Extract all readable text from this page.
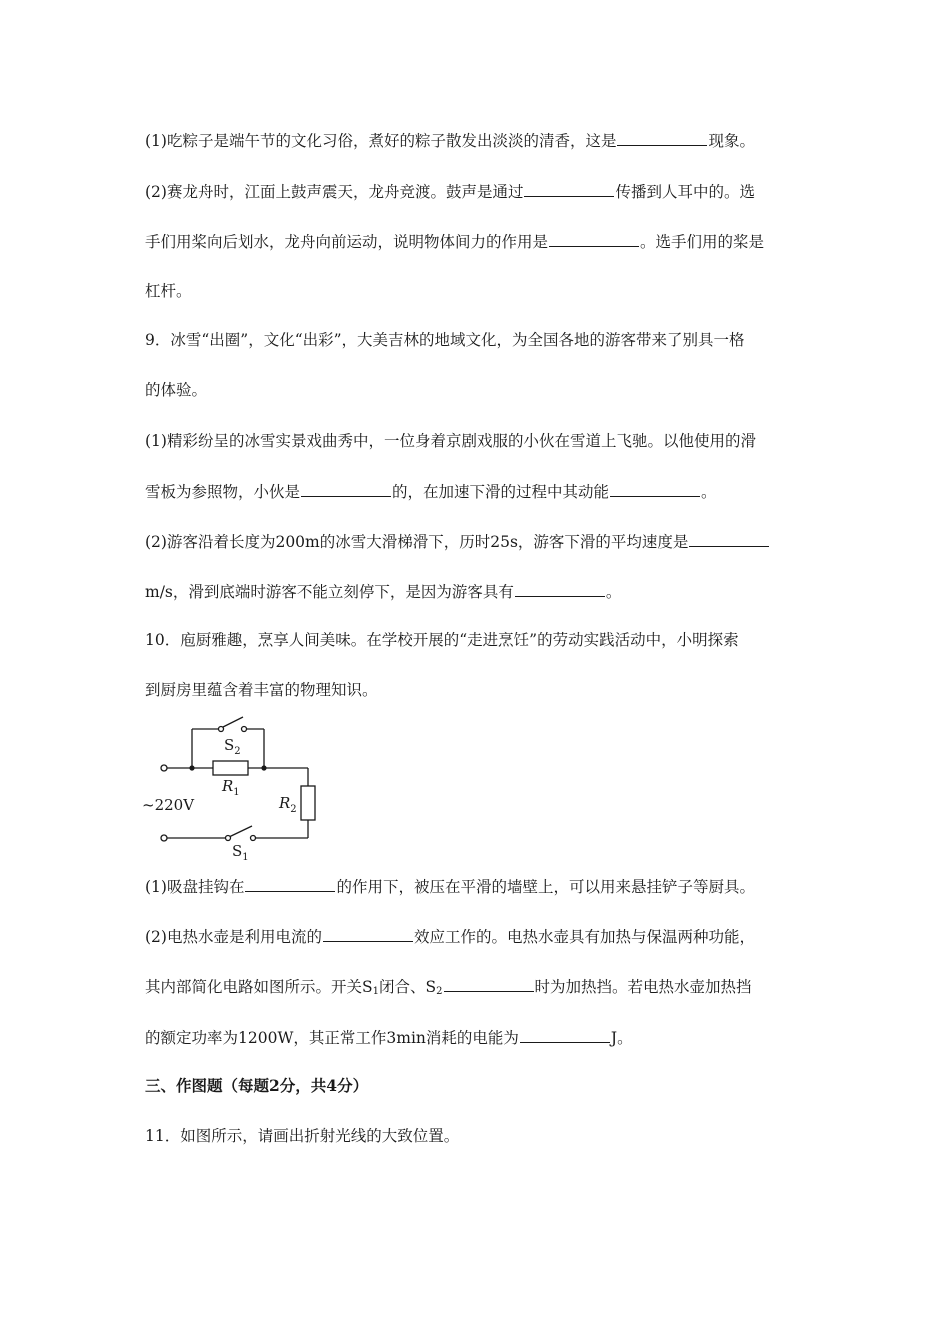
(1)吃粽子是端午节的文化习俗，煮好的粽子散发出淡淡的清香，这是	现象。
(2)赛龙舟时，江面上鼓声震天，龙舟竞渡。鼓声是通过	传播到人耳中的。选
手们用桨向后划水，龙舟向前运动，说明物体间力的作用是	。选手们用的桨是
杠杆。
9．冰雪“出圈”，文化“出彩”，大美吉林的地域文化，为全国各地的游客带来了别具一格
的体验。
(1)精彩纷呈的冰雪实景戏曲秀中，一位身着京剧戏服的小伙在雪道上飞驰。以他使用的滑
雪板为参照物，小伙是	的，在加速下滑的过程中其动能	。
(2)游客沿着长度为200m的冰雪大滑梯滑下，历时25s，游客下滑的平均速度是
m/s，滑到底端时游客不能立刻停下，是因为游客具有	。
10．庖厨雅趣，烹享人间美味。在学校开展的“走进烹饪”的劳动实践活动中，小明探索
到厨房里蕴含着丰富的物理知识。
$S_2$
$R_1$
~220V	$R_2$
$S_1$
(1)吸盘挂钩在	的作用下，被压在平滑的墙壁上，可以用来悬挂铲子等厨具。
(2)电热水壶是利用电流的	效应工作的。电热水壶具有加热与保温两种功能，
其内部简化电路如图所示。开关$S_1$闭合、$S_2$	时为加热挡。若电热水壶加热挡
的额定功率为1200W，其正常工作3min消耗的电能为	J。
三、作图题（每题2分，共4分）
11．如图所示，请画出折射光线的大致位置。
